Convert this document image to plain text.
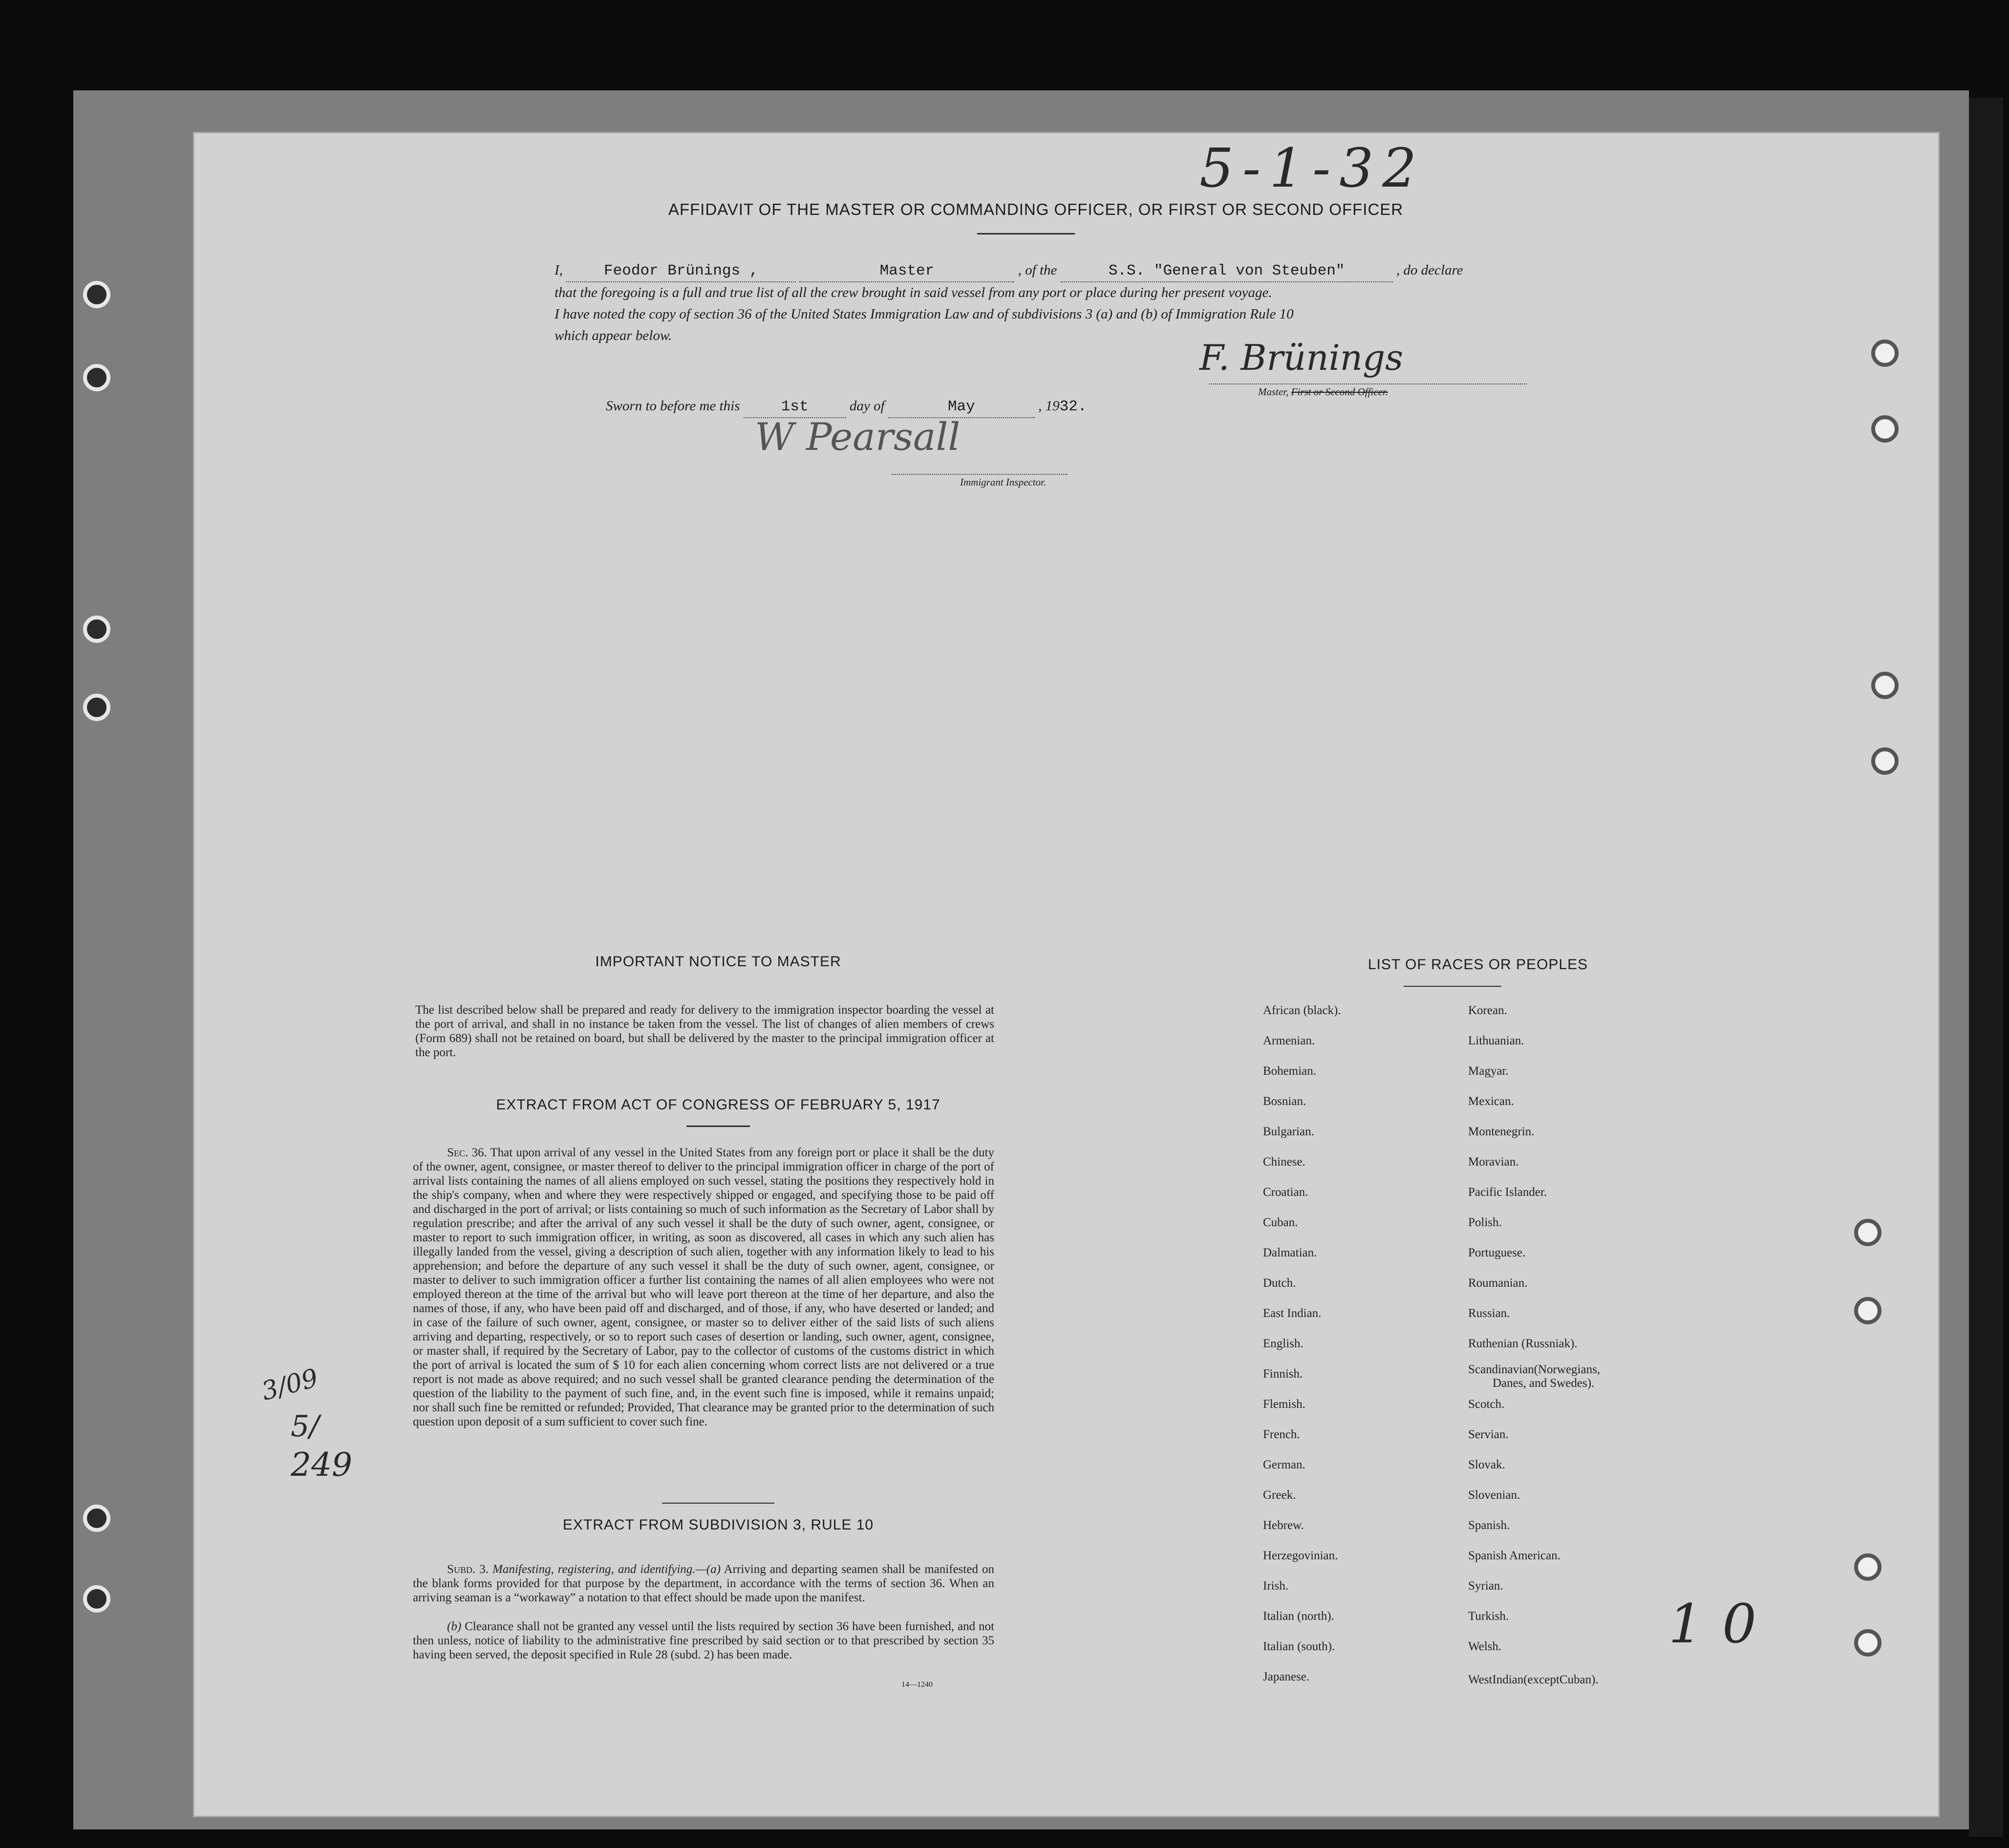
5-1-32
AFFIDAVIT OF THE MASTER OR COMMANDING OFFICER, OR FIRST OR SECOND OFFICER
I,	Feodor Brünings ,	Master	, of the	S.S. "General von Steuben"	, do declare
that the foregoing is a full and true list of all the crew brought in said vessel from any port or place during her present voyage.
I have noted the copy of section 36 of the United States Immigration Law and of subdivisions 3 (a) and (b) of Immigration Rule 10
which appear below.
F. Brünings
Master, First or Second Officer.
Sworn to before me this	1st	day of	May	, 1932.
W Pearsall
Immigrant Inspector.
IMPORTANT NOTICE TO MASTER
The list described below shall be prepared and ready for delivery to the immigration inspector boarding the vessel at the port of arrival, and shall in no instance be taken from the vessel. The list of changes of alien members of crews (Form 689) shall not be retained on board, but shall be delivered by the master to the principal immigration officer at the port.
EXTRACT FROM ACT OF CONGRESS OF FEBRUARY 5, 1917
Sec. 36. That upon arrival of any vessel in the United States from any foreign port or place it shall be the duty of the owner, agent, consignee, or master thereof to deliver to the principal immigration officer in charge of the port of arrival lists containing the names of all aliens employed on such vessel, stating the positions they respectively hold in the ship's company, when and where they were respectively shipped or engaged, and specifying those to be paid off and discharged in the port of arrival; or lists containing so much of such information as the Secretary of Labor shall by regulation prescribe; and after the arrival of any such vessel it shall be the duty of such owner, agent, consignee, or master to report to such immigration officer, in writing, as soon as discovered, all cases in which any such alien has illegally landed from the vessel, giving a description of such alien, together with any information likely to lead to his apprehension; and before the departure of any such vessel it shall be the duty of such owner, agent, consignee, or master to deliver to such immigration officer a further list containing the names of all alien employees who were not employed thereon at the time of the arrival but who will leave port thereon at the time of her departure, and also the names of those, if any, who have been paid off and discharged, and of those, if any, who have deserted or landed; and in case of the failure of such owner, agent, consignee, or master so to deliver either of the said lists of such aliens arriving and departing, respectively, or so to report such cases of desertion or landing, such owner, agent, consignee, or master shall, if required by the Secretary of Labor, pay to the collector of customs of the customs district in which the port of arrival is located the sum of $ 10 for each alien concerning whom correct lists are not delivered or a true report is not made as above required; and no such vessel shall be granted clearance pending the determination of the question of the liability to the payment of such fine, and, in the event such fine is imposed, while it remains unpaid; nor shall such fine be remitted or refunded; Provided, That clearance may be granted prior to the determination of such question upon deposit of a sum sufficient to cover such fine.
EXTRACT FROM SUBDIVISION 3, RULE 10
Subd. 3. Manifesting, registering, and identifying.—(a) Arriving and departing seamen shall be manifested on the blank forms provided for that purpose by the department, in accordance with the terms of section 36. When an arriving seaman is a “workaway” a notation to that effect should be made upon the manifest.
(b) Clearance shall not be granted any vessel until the lists required by section 36 have been furnished, and not then unless, notice of liability to the administrative fine prescribed by said section or to that prescribed by section 35 having been served, the deposit specified in Rule 28 (subd. 2) has been made.
14—1240
3/09
5/
249
LIST OF RACES OR PEOPLES
African (black).
Armenian.
Bohemian.
Bosnian.
Bulgarian.
Chinese.
Croatian.
Cuban.
Dalmatian.
Dutch.
East Indian.
English.
Finnish.
Flemish.
French.
German.
Greek.
Hebrew.
Herzegovinian.
Irish.
Italian (north).
Italian (south).
Japanese.
Korean.
Lithuanian.
Magyar.
Mexican.
Montenegrin.
Moravian.
Pacific Islander.
Polish.
Portuguese.
Roumanian.
Russian.
Ruthenian (Russniak).
Scandinavian(Norwegians,
Danes, and Swedes).
Scotch.
Servian.
Slovak.
Slovenian.
Spanish.
Spanish American.
Syrian.
Turkish.
Welsh.
WestIndian(exceptCuban).
10
